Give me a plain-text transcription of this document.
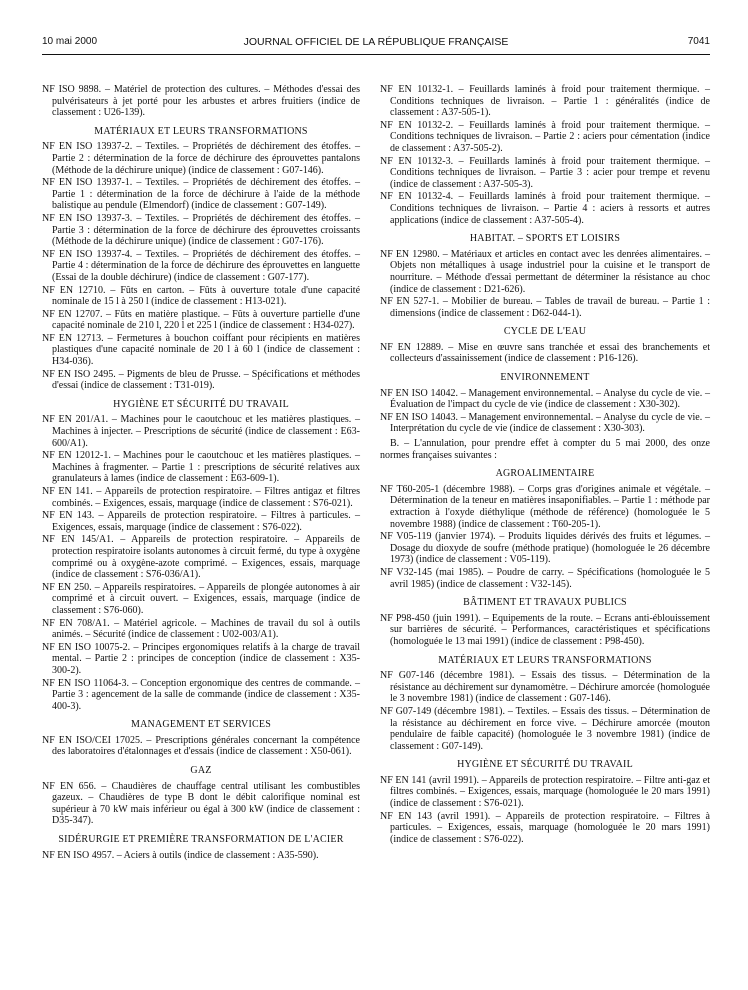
10 mai 2000	JOURNAL OFFICIEL DE LA RÉPUBLIQUE FRANÇAISE	7041
NF ISO 9898. – Matériel de protection des cultures. – Méthodes d'essai des pulvérisateurs à jet porté pour les arbustes et arbres fruitiers (indice de classement : U26-139).
MATÉRIAUX ET LEURS TRANSFORMATIONS
NF EN ISO 13937-2. – Textiles. – Propriétés de déchirement des étoffes. – Partie 2 : détermination de la force de déchirure des éprouvettes pantalons (Méthode de la déchirure unique) (indice de classement : G07-146).
NF EN ISO 13937-1. – Textiles. – Propriétés de déchirement des étoffes. – Partie 1 : détermination de la force de déchirure à l'aide de la méthode balistique au pendule (Elmendorf) (indice de classement : G07-149).
NF EN ISO 13937-3. – Textiles. – Propriétés de déchirement des étoffes. – Partie 3 : détermination de la force de déchirure des éprouvettes croissants (Méthode de la déchirure unique) (indice de classement : G07-176).
NF EN ISO 13937-4. – Textiles. – Propriétés de déchirement des étoffes. – Partie 4 : détermination de la force de déchirure des éprouvettes en languette (Essai de la double déchirure) (indice de classement : G07-177).
NF EN 12710. – Fûts en carton. – Fûts à ouverture totale d'une capacité nominale de 15 l à 250 l (indice de classement : H13-021).
NF EN 12707. – Fûts en matière plastique. – Fûts à ouverture partielle d'une capacité nominale de 210 l, 220 l et 225 l (indice de classement : H34-027).
NF EN 12713. – Fermetures à bouchon coiffant pour récipients en matières plastiques d'une capacité nominale de 20 l à 60 l (indice de classement : H34-036).
NF EN ISO 2495. – Pigments de bleu de Prusse. – Spécifications et méthodes d'essai (indice de classement : T31-019).
HYGIÈNE ET SÉCURITÉ DU TRAVAIL
NF EN 201/A1. – Machines pour le caoutchouc et les matières plastiques. – Machines à injecter. – Prescriptions de sécurité (indice de classement : E63-600/A1).
NF EN 12012-1. – Machines pour le caoutchouc et les matières plastiques. – Machines à fragmenter. – Partie 1 : prescriptions de sécurité relatives aux granulateurs à lames (indice de classement : E63-609-1).
NF EN 141. – Appareils de protection respiratoire. – Filtres antigaz et filtres combinés. – Exigences, essais, marquage (indice de classement : S76-021).
NF EN 143. – Appareils de protection respiratoire. – Filtres à particules. – Exigences, essais, marquage (indice de classement : S76-022).
NF EN 145/A1. – Appareils de protection respiratoire. – Appareils de protection respiratoire isolants autonomes à circuit fermé, du type à oxygène comprimé ou à oxygène-azote comprimé. – Exigences, essais, marquage (indice de classement : S76-036/A1).
NF EN 250. – Appareils respiratoires. – Appareils de plongée autonomes à air comprimé et à circuit ouvert. – Exigences, essais, marquage (indice de classement : S76-060).
NF EN 708/A1. – Matériel agricole. – Machines de travail du sol à outils animés. – Sécurité (indice de classement : U02-003/A1).
NF EN ISO 10075-2. – Principes ergonomiques relatifs à la charge de travail mental. – Partie 2 : principes de conception (indice de classement : X35-300-2).
NF EN ISO 11064-3. – Conception ergonomique des centres de commande. – Partie 3 : agencement de la salle de commande (indice de classement : X35-400-3).
MANAGEMENT ET SERVICES
NF EN ISO/CEI 17025. – Prescriptions générales concernant la compétence des laboratoires d'étalonnages et d'essais (indice de classement : X50-061).
GAZ
NF EN 656. – Chaudières de chauffage central utilisant les combustibles gazeux. – Chaudières de type B dont le débit calorifique nominal est supérieur à 70 kW mais inférieur ou égal à 300 kW (indice de classement : D35-347).
SIDÉRURGIE ET PREMIÈRE TRANSFORMATION DE L'ACIER
NF EN ISO 4957. – Aciers à outils (indice de classement : A35-590).
NF EN 10132-1. – Feuillards laminés à froid pour traitement thermique. – Conditions techniques de livraison. – Partie 1 : généralités (indice de classement : A37-505-1).
NF EN 10132-2. – Feuillards laminés à froid pour traitement thermique. – Conditions techniques de livraison. – Partie 2 : aciers pour cémentation (indice de classement : A37-505-2).
NF EN 10132-3. – Feuillards laminés à froid pour traitement thermique. – Conditions techniques de livraison. – Partie 3 : acier pour trempe et revenu (indice de classement : A37-505-3).
NF EN 10132-4. – Feuillards laminés à froid pour traitement thermique. – Conditions techniques de livraison. – Partie 4 : aciers à ressorts et autres applications (indice de classement : A37-505-4).
HABITAT. – SPORTS ET LOISIRS
NF EN 12980. – Matériaux et articles en contact avec les denrées alimentaires. – Objets non métalliques à usage industriel pour la cuisine et le transport de nourriture. – Méthode d'essai permettant de déterminer la résistance au choc (indice de classement : D21-626).
NF EN 527-1. – Mobilier de bureau. – Tables de travail de bureau. – Partie 1 : dimensions (indice de classement : D62-044-1).
CYCLE DE L'EAU
NF EN 12889. – Mise en œuvre sans tranchée et essai des branchements et collecteurs d'assainissement (indice de classement : P16-126).
ENVIRONNEMENT
NF EN ISO 14042. – Management environnemental. – Analyse du cycle de vie. – Évaluation de l'impact du cycle de vie (indice de classement : X30-302).
NF EN ISO 14043. – Management environnemental. – Analyse du cycle de vie. – Interprétation du cycle de vie (indice de classement : X30-303).
B. – L'annulation, pour prendre effet à compter du 5 mai 2000, des onze normes françaises suivantes :
AGROALIMENTAIRE
NF T60-205-1 (décembre 1988). – Corps gras d'origines animale et végétale. – Détermination de la teneur en matières insaponifiables. – Partie 1 : méthode par extraction à l'oxyde diéthylique (méthode de référence) (homologuée le 5 novembre 1988) (indice de classement : T60-205-1).
NF V05-119 (janvier 1974). – Produits liquides dérivés des fruits et légumes. – Dosage du dioxyde de soufre (méthode pratique) (homologuée le 26 décembre 1973) (indice de classement : V05-119).
NF V32-145 (mai 1985). – Poudre de carry. – Spécifications (homologuée le 5 avril 1985) (indice de classement : V32-145).
BÂTIMENT ET TRAVAUX PUBLICS
NF P98-450 (juin 1991). – Equipements de la route. – Ecrans anti-éblouissement sur barrières de sécurité. – Performances, caractéristiques et spécifications (homologuée le 13 mai 1991) (indice de classement : P98-450).
MATÉRIAUX ET LEURS TRANSFORMATIONS
NF G07-146 (décembre 1981). – Essais des tissus. – Détermination de la résistance au déchirement sur dynamomètre. – Déchirure amorcée (homologuée le 3 novembre 1981) (indice de classement : G07-146).
NF G07-149 (décembre 1981). – Textiles. – Essais des tissus. – Détermination de la résistance au déchirement en force vive. – Déchirure amorcée (mouton pendulaire de faible capacité) (homologuée le 3 novembre 1981) (indice de classement : G07-149).
HYGIÈNE ET SÉCURITÉ DU TRAVAIL
NF EN 141 (avril 1991). – Appareils de protection respiratoire. – Filtre anti-gaz et filtres combinés. – Exigences, essais, marquage (homologuée le 20 mars 1991) (indice de classement : S76-021).
NF EN 143 (avril 1991). – Appareils de protection respiratoire. – Filtres à particules. – Exigences, essais, marquage (homologuée le 20 mars 1991) (indice de classement : S76-022).
